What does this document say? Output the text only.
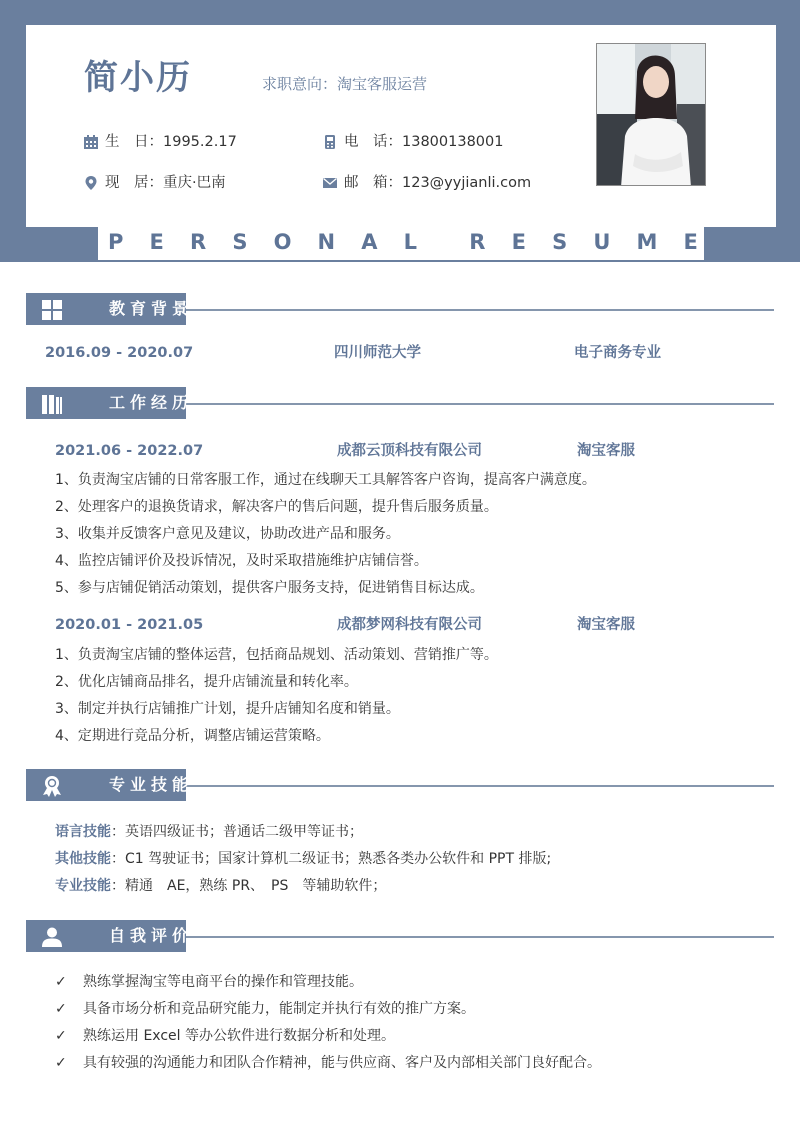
简小历	求职意向：淘宝客服运营
生　日：1995.2.17
现　居：重庆·巴南
电　话：13800138001
邮　箱：123@yyjianli.com
P E R S O N A L R E S U M E
教育背景
2016.09 - 2020.07	四川师范大学	电子商务专业
工作经历
2021.06 - 2022.07	成都云顶科技有限公司	淘宝客服
1、负责淘宝店铺的日常客服工作，通过在线聊天工具解答客户咨询，提高客户满意度。
2、处理客户的退换货请求，解决客户的售后问题，提升售后服务质量。
3、收集并反馈客户意见及建议，协助改进产品和服务。
4、监控店铺评价及投诉情况，及时采取措施维护店铺信誉。
5、参与店铺促销活动策划，提供客户服务支持，促进销售目标达成。
2020.01 - 2021.05	成都梦网科技有限公司	淘宝客服
1、负责淘宝店铺的整体运营，包括商品规划、活动策划、营销推广等。
2、优化店铺商品排名，提升店铺流量和转化率。
3、制定并执行店铺推广计划，提升店铺知名度和销量。
4、定期进行竞品分析，调整店铺运营策略。
专业技能
语言技能：英语四级证书；普通话二级甲等证书；
其他技能：C1 驾驶证书；国家计算机二级证书；熟悉各类办公软件和 PPT 排版;
专业技能：精通　AE，熟练 PR、　PS　等辅助软件；
自我评价
✓	熟练掌握淘宝等电商平台的操作和管理技能。
✓	具备市场分析和竞品研究能力，能制定并执行有效的推广方案。
✓	熟练运用 Excel 等办公软件进行数据分析和处理。
✓	具有较强的沟通能力和团队合作精神，能与供应商、客户及内部相关部门良好配合。
